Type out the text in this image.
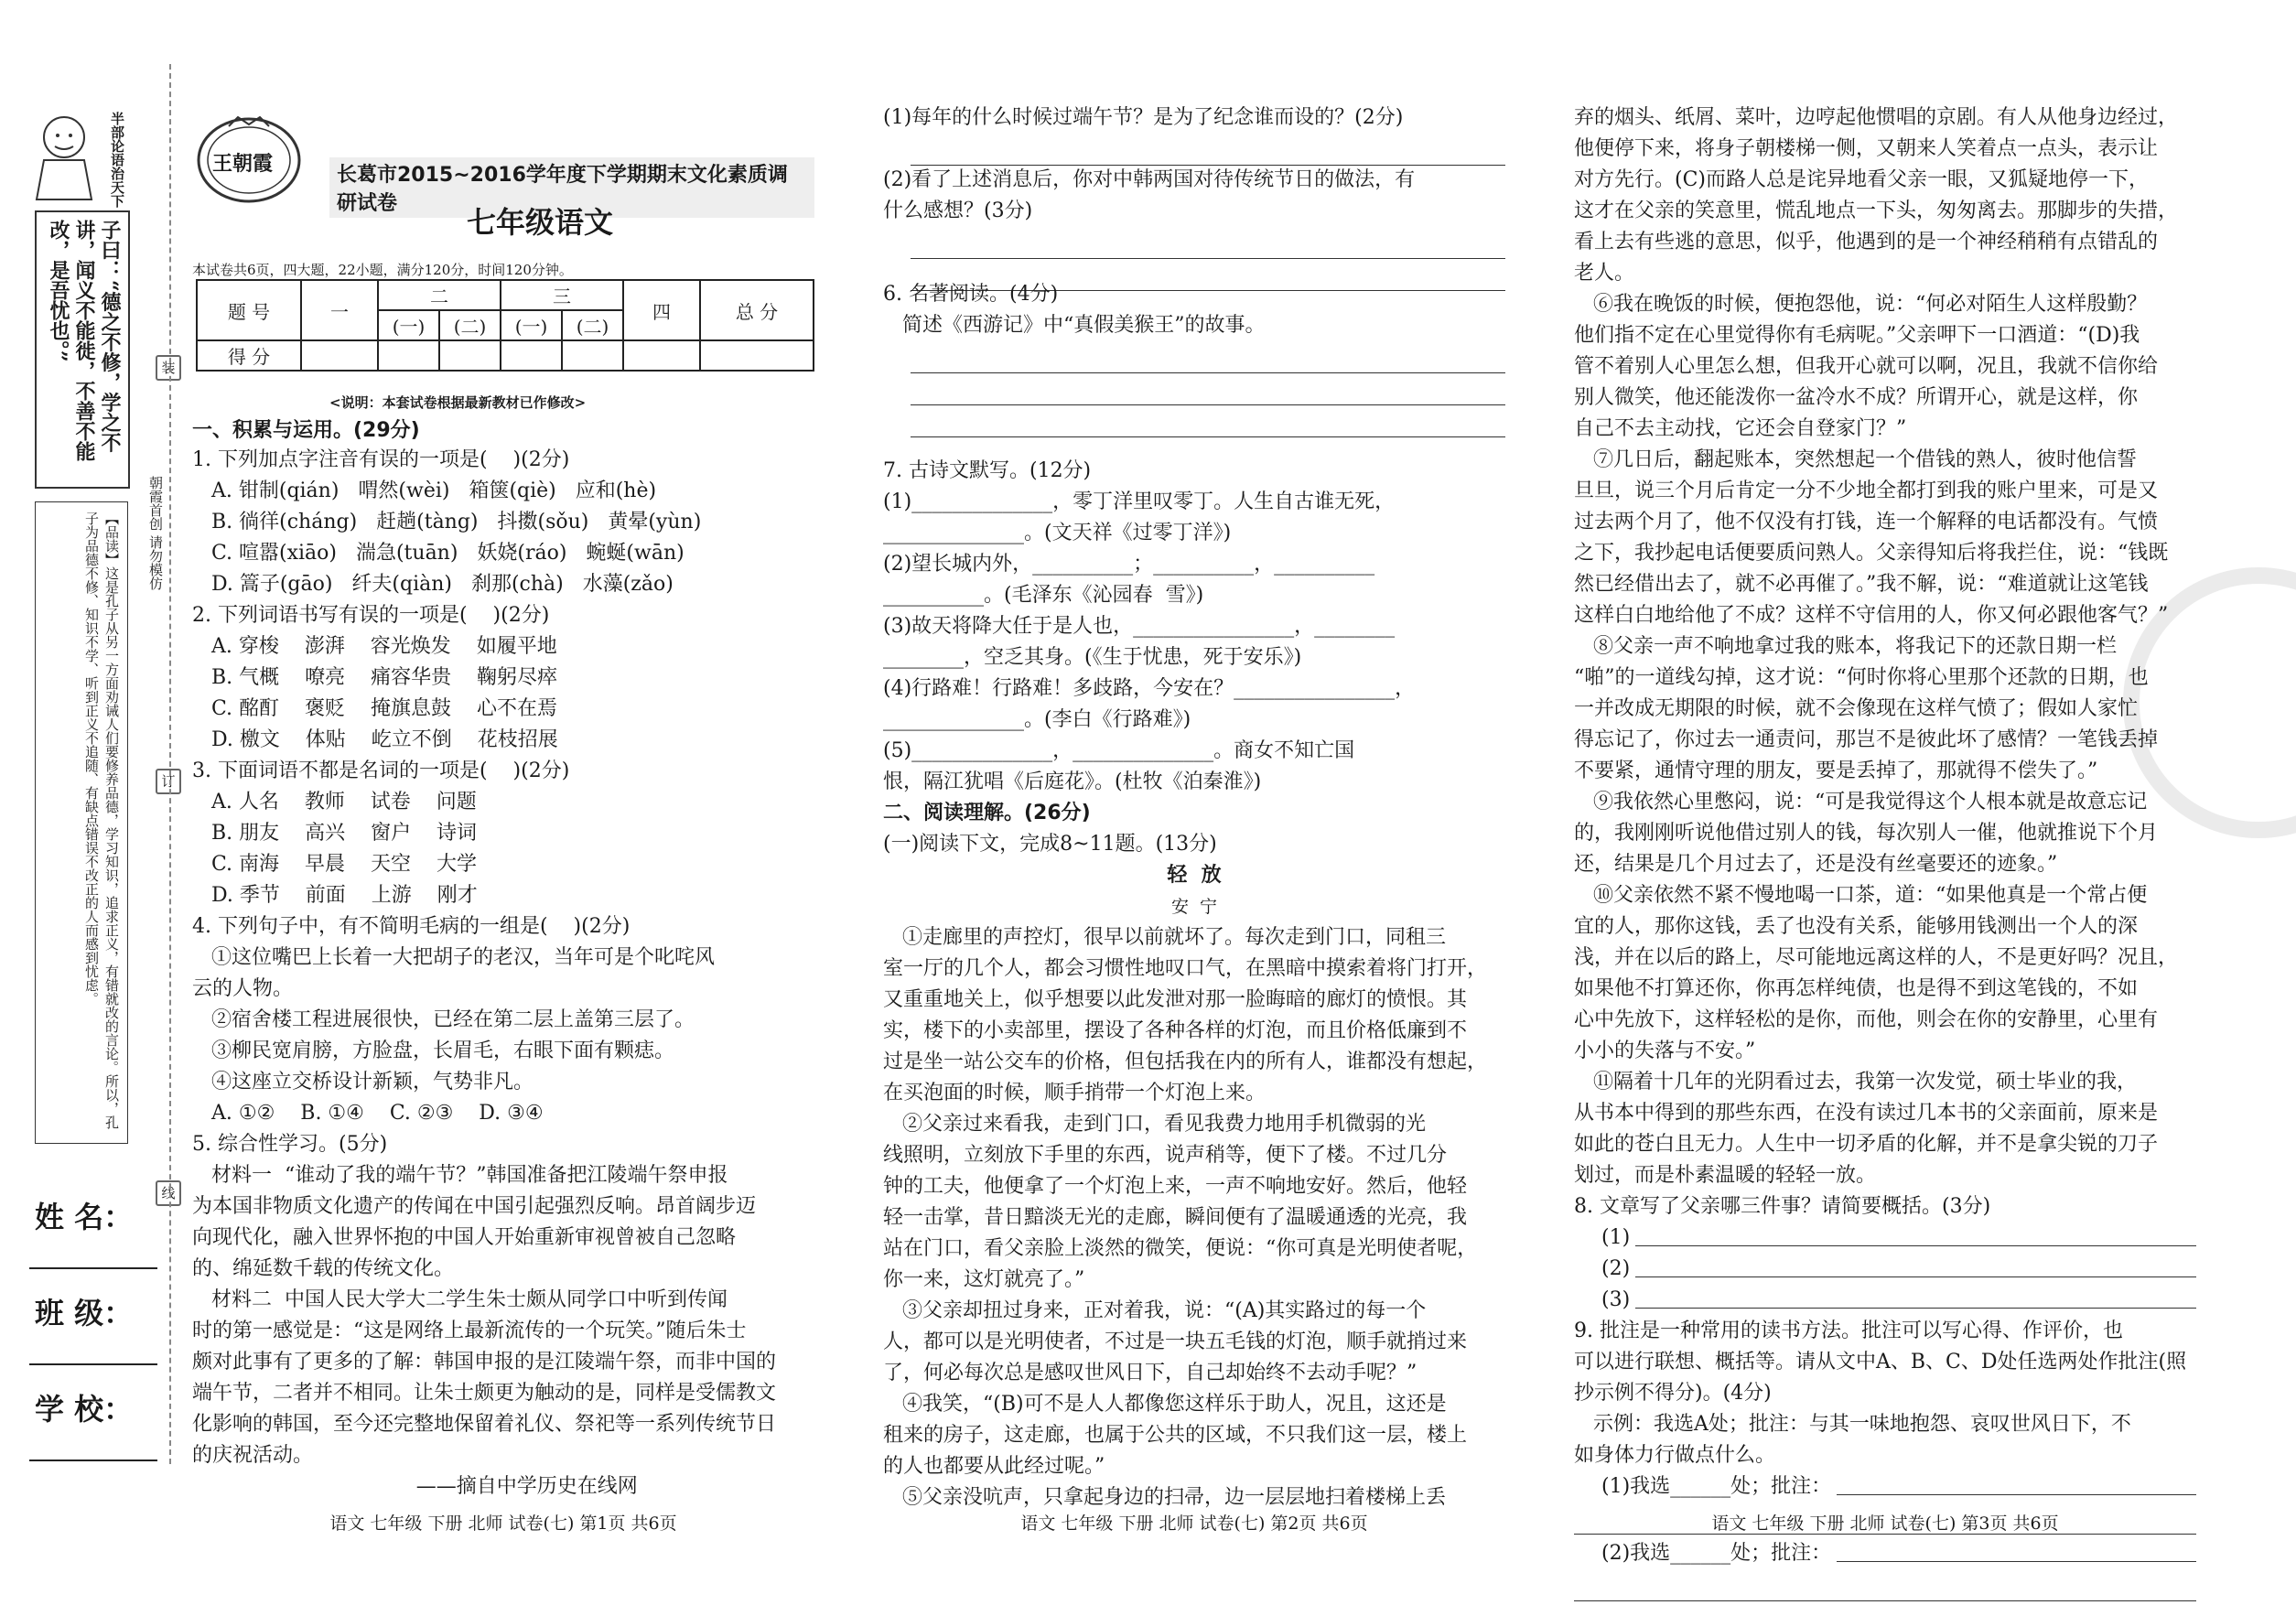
半部论语治天下
子曰：“德之不修，学之不讲，闻义不能徙，不善不能改，是吾忧也。”
【品读】这是孔子从另一方面劝诫人们要修养品德，学习知识，追求正义，有错就改的言论。所以，孔子为品德不修、知识不学、听到正义不追随、有缺点错误不改正的人而感到忧虑。	朝霞首创 请勿模仿
装
订
线
姓 名：
班 级：
学 校：
王朝霞	长葛市2015~2016学年度下学期期末文化素质调研试卷
七年级语文

本试卷共6页，四大题，22小题，满分120分，时间120分钟。

题 号	一	二		三		四	总 分
		(一)	(二)	(一)	(二)		
得 分							

<说明：本套试卷根据最新教材已作修改>

一、积累与运用。(29分)

1. 下列加点字注音有误的一项是(    )(2分)

A. 钳制(qián)   喟然(wèi)   箱箧(qiè)   应和(hè)

B. 徜徉(cháng)   赶趟(tàng)   抖擞(sǒu)   黄晕(yùn)

C. 喧嚣(xiāo)   湍急(tuān)   妖娆(ráo)   蜿蜒(wān)

D. 篙子(gāo)   纤夫(qiàn)   刹那(chà)   水藻(zǎo)

2. 下列词语书写有误的一项是(    )(2分)

A. 穿梭    澎湃    容光焕发    如履平地

B. 气概    嘹亮    痛容华贵    鞠躬尽瘁

C. 酩酊    褒贬    掩旗息鼓    心不在焉

D. 檄文    体贴    屹立不倒    花枝招展

3. 下面词语不都是名词的一项是(    )(2分)

A. 人名    教师    试卷    问题

B. 朋友    高兴    窗户    诗词

C. 南海    早晨    天空    大学

D. 季节    前面    上游    刚才

4. 下列句子中，有不简明毛病的一组是(    )(2分)

①这位嘴巴上长着一大把胡子的老汉，当年可是个叱咤风

云的人物。

②宿舍楼工程进展很快，已经在第二层上盖第三层了。

③柳民宽肩膀，方脸盘，长眉毛，右眼下面有颗痣。

④这座立交桥设计新颖，气势非凡。

A. ①②    B. ①④    C. ②③    D. ③④

5. 综合性学习。(5分)

材料一  “谁动了我的端午节？”韩国准备把江陵端午祭申报

为本国非物质文化遗产的传闻在中国引起强烈反响。昂首阔步迈

向现代化，融入世界怀抱的中国人开始重新审视曾被自己忽略

的、绵延数千载的传统文化。

材料二  中国人民大学大二学生朱士颇从同学口中听到传闻

时的第一感觉是：“这是网络上最新流传的一个玩笑。”随后朱士

颇对此事有了更多的了解：韩国申报的是江陵端午祭，而非中国的

端午节，二者并不相同。让朱士颇更为触动的是，同样是受儒教文

化影响的韩国，至今还完整地保留着礼仪、祭祀等一系列传统节日

的庆祝活动。

——摘自中学历史在线网

语文 七年级 下册 北师 试卷(七) 第1页 共6页

(1)每年的什么时候过端午节？是为了纪念谁而设的？(2分)

(2)看了上述消息后，你对中韩两国对待传统节日的做法，有

什么感想？(3分)

6. 名著阅读。(4分)

简述《西游记》中“真假美猴王”的故事。

7. 古诗文默写。(12分)

(1)______________，零丁洋里叹零丁。人生自古谁无死，

______________。(文天祥《过零丁洋》)

(2)望长城内外，__________；__________，__________

__________。(毛泽东《沁园春  雪》)

(3)故天将降大任于是人也，________________，________

________，空乏其身。(《生于忧患，死于安乐》)

(4)行路难！行路难！多歧路，今安在？________________，

______________。(李白《行路难》)

(5)______________，______________。商女不知亡国

恨，隔江犹唱《后庭花》。(杜牧《泊秦淮》)

二、阅读理解。(26分)

(一)阅读下文，完成8~11题。(13分)

轻  放

安  宁

①走廊里的声控灯，很早以前就坏了。每次走到门口，同租三

室一厅的几个人，都会习惯性地叹口气，在黑暗中摸索着将门打开，

又重重地关上，似乎想要以此发泄对那一脸晦暗的廊灯的愤恨。其

实，楼下的小卖部里，摆设了各种各样的灯泡，而且价格低廉到不

过是坐一站公交车的价格，但包括我在内的所有人，谁都没有想起，

在买泡面的时候，顺手捎带一个灯泡上来。

②父亲过来看我，走到门口，看见我费力地用手机微弱的光

线照明，立刻放下手里的东西，说声稍等，便下了楼。不过几分

钟的工夫，他便拿了一个灯泡上来，一声不响地安好。然后，他轻

轻一击掌，昔日黯淡无光的走廊，瞬间便有了温暖通透的光亮，我

站在门口，看父亲脸上淡然的微笑，便说：“你可真是光明使者呢，

你一来，这灯就亮了。”

③父亲却扭过身来，正对着我，说：“(A)其实路过的每一个

人，都可以是光明使者，不过是一块五毛钱的灯泡，顺手就捎过来

了，何必每次总是感叹世风日下，自己却始终不去动手呢？”

④我笑，“(B)可不是人人都像您这样乐于助人，况且，这还是

租来的房子，这走廊，也属于公共的区域，不只我们这一层，楼上

的人也都要从此经过呢。”

⑤父亲没吭声，只拿起身边的扫帚，边一层层地扫着楼梯上丢

语文 七年级 下册 北师 试卷(七) 第2页 共6页

弃的烟头、纸屑、菜叶，边哼起他惯唱的京剧。有人从他身边经过，

他便停下来，将身子朝楼梯一侧，又朝来人笑着点一点头，表示让

对方先行。(C)而路人总是诧异地看父亲一眼，又狐疑地停一下，

这才在父亲的笑意里，慌乱地点一下头，匆匆离去。那脚步的失措，

看上去有些逃的意思，似乎，他遇到的是一个神经稍稍有点错乱的

老人。

⑥我在晚饭的时候，便抱怨他，说：“何必对陌生人这样殷勤？

他们指不定在心里觉得你有毛病呢。”父亲呷下一口酒道：“(D)我

管不着别人心里怎么想，但我开心就可以啊，况且，我就不信你给

别人微笑，他还能泼你一盆冷水不成？所谓开心，就是这样，你

自己不去主动找，它还会自登家门？”

⑦几日后，翻起账本，突然想起一个借钱的熟人，彼时他信誓

旦旦，说三个月后肯定一分不少地全都打到我的账户里来，可是又

过去两个月了，他不仅没有打钱，连一个解释的电话都没有。气愤

之下，我抄起电话便要质问熟人。父亲得知后将我拦住，说：“钱既

然已经借出去了，就不必再催了。”我不解，说：“难道就让这笔钱

这样白白地给他了不成？这样不守信用的人，你又何必跟他客气？”

⑧父亲一声不响地拿过我的账本，将我记下的还款日期一栏

“啪”的一道线勾掉，这才说：“何时你将心里那个还款的日期，也

一并改成无期限的时候，就不会像现在这样气愤了；假如人家忙

得忘记了，你过去一通责问，那岂不是彼此坏了感情？一笔钱丢掉

不要紧，通情守理的朋友，要是丢掉了，那就得不偿失了。”

⑨我依然心里憋闷，说：“可是我觉得这个人根本就是故意忘记

的，我刚刚听说他借过别人的钱，每次别人一催，他就推说下个月

还，结果是几个月过去了，还是没有丝毫要还的迹象。”

⑩父亲依然不紧不慢地喝一口茶，道：“如果他真是一个常占便

宜的人，那你这钱，丢了也没有关系，能够用钱测出一个人的深

浅，并在以后的路上，尽可能地远离这样的人，不是更好吗？况且，

如果他不打算还你，你再怎样纯债，也是得不到这笔钱的，不如

心中先放下，这样轻松的是你，而他，则会在你的安静里，心里有

小小的失落与不安。”

⑪隔着十几年的光阴看过去，我第一次发觉，硕士毕业的我，

从书本中得到的那些东西，在没有读过几本书的父亲面前，原来是

如此的苍白且无力。人生中一切矛盾的化解，并不是拿尖锐的刀子

划过，而是朴素温暖的轻轻一放。

8. 文章写了父亲哪三件事？请简要概括。(3分)

(1)
(2)
(3)

9. 批注是一种常用的读书方法。批注可以写心得、作评价，也

可以进行联想、概括等。请从文中A、B、C、D处任选两处作批注(照

抄示例不得分)。(4分)

示例：我选A处；批注：与其一味地抱怨、哀叹世风日下，不

如身体力行做点什么。

(1)我选______处；批注：
(2)我选______处；批注：
语文 七年级 下册 北师 试卷(七) 第3页 共6页
